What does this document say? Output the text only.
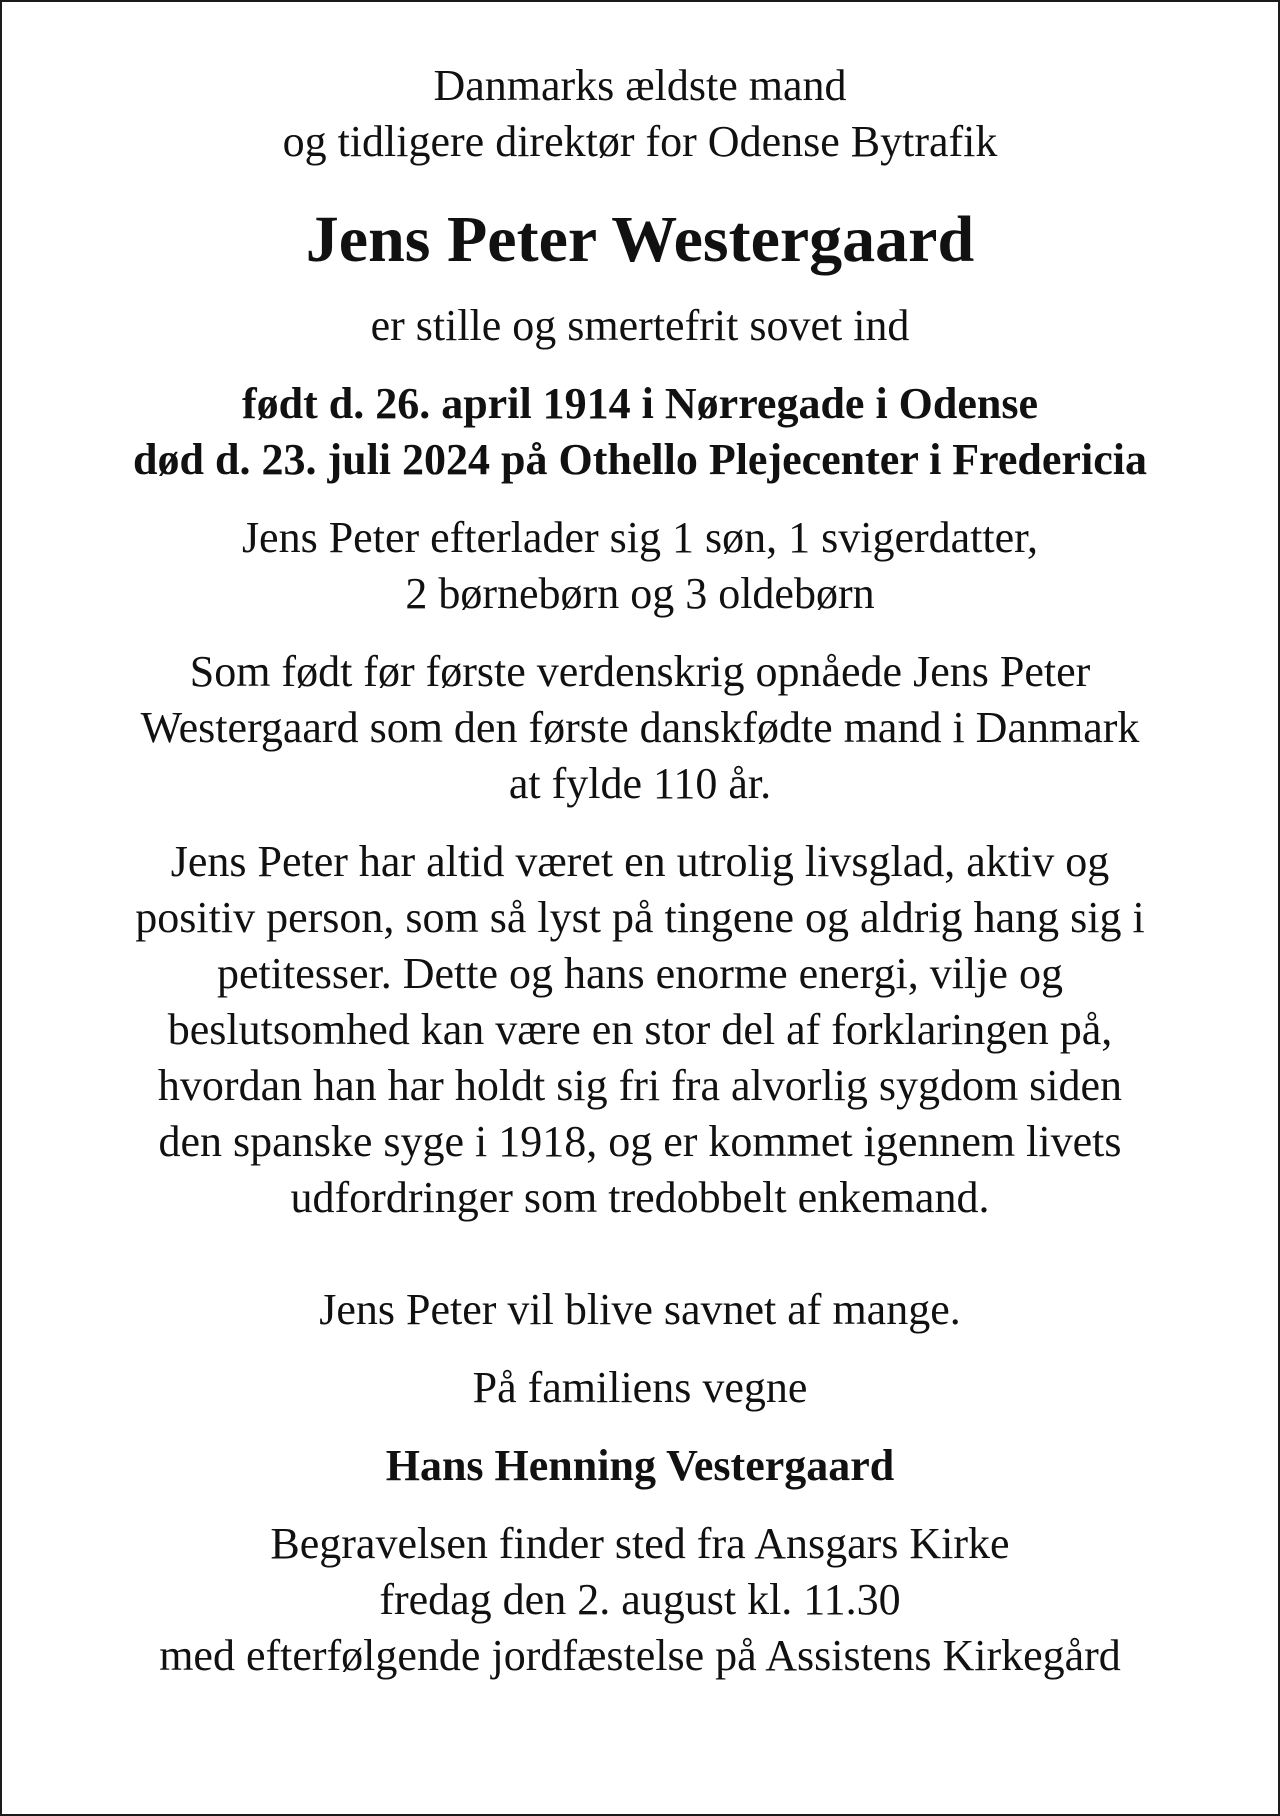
Danmarks ældste mand
og tidligere direktør for Odense Bytrafik
Jens Peter Westergaard
er stille og smertefrit sovet ind
født d. 26. april 1914 i Nørregade i Odense
død d. 23. juli 2024 på Othello Plejecenter i Fredericia
Jens Peter efterlader sig 1 søn, 1 svigerdatter,
2 børnebørn og 3 oldebørn
Som født før første verdenskrig opnåede Jens Peter
Westergaard som den første danskfødte mand i Danmark
at fylde 110 år.
Jens Peter har altid været en utrolig livsglad, aktiv og
positiv person, som så lyst på tingene og aldrig hang sig i
petitesser. Dette og hans enorme energi, vilje og
beslutsomhed kan være en stor del af forklaringen på,
hvordan han har holdt sig fri fra alvorlig sygdom siden
den spanske syge i 1918, og er kommet igennem livets
udfordringer som tredobbelt enkemand.
Jens Peter vil blive savnet af mange.
På familiens vegne
Hans Henning Vestergaard
Begravelsen finder sted fra Ansgars Kirke
fredag den 2. august kl. 11.30
med efterfølgende jordfæstelse på Assistens Kirkegård
